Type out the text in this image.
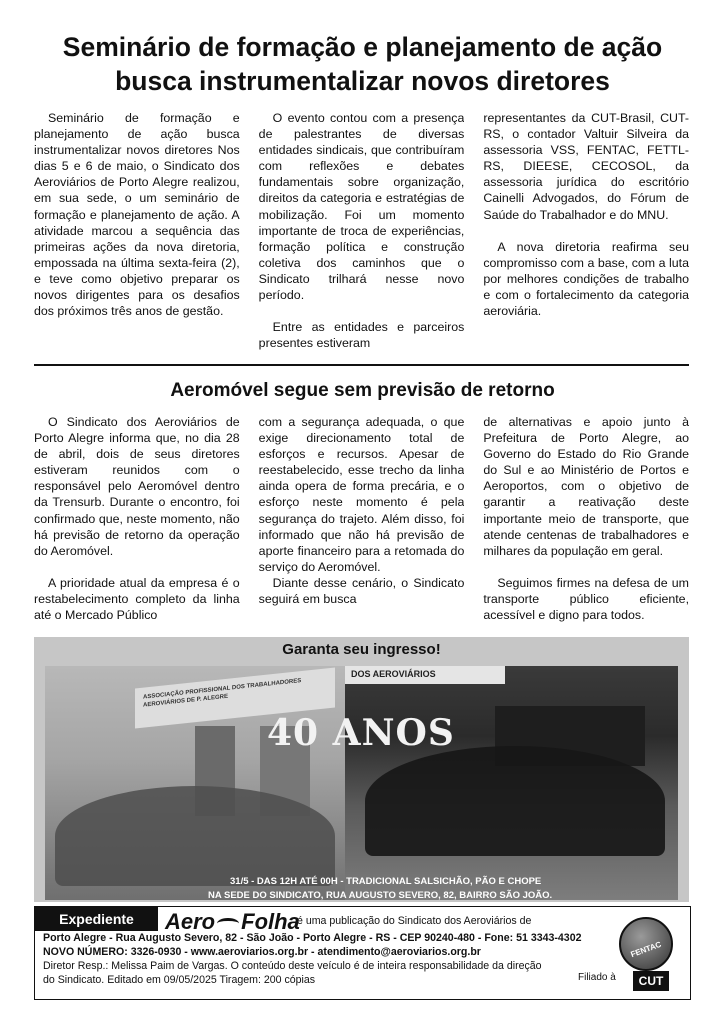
Seminário de formação e planejamento de ação
busca instrumentalizar novos diretores

Seminário de formação e planejamento de ação busca instrumentalizar novos diretores Nos dias 5 e 6 de maio, o Sindicato dos Aeroviários de Porto Alegre realizou, em sua sede, o um seminário de formação e planejamento de ação. A atividade marcou a sequência das primeiras ações da nova diretoria, empossada na última sexta-feira (2), e teve como objetivo preparar os novos dirigentes para os desafios dos próximos três anos de gestão.

O evento contou com a presença de palestrantes de diversas entidades sindicais, que contribuíram com reflexões e debates fundamentais sobre organização, direitos da categoria e estratégias de mobilização. Foi um momento importante de troca de experiências, formação política e construção coletiva dos caminhos que o Sindicato trilhará nesse novo período.

Entre as entidades e parceiros presentes estiveram

representantes da CUT-Brasil, CUT-RS, o contador Valtuir Silveira da assessoria VSS, FENTAC, FETTL-RS, DIEESE, CECOSOL, da assessoria jurídica do escritório Cainelli Advogados, do Fórum de Saúde do Trabalhador e do MNU.

A nova diretoria reafirma seu compromisso com a base, com a luta por melhores condições de trabalho e com o fortalecimento da categoria aeroviária.

Aeromóvel segue sem previsão de retorno

O Sindicato dos Aeroviários de Porto Alegre informa que, no dia 28 de abril, dois de seus diretores estiveram reunidos com o responsável pelo Aeromóvel dentro da Trensurb. Durante o encontro, foi confirmado que, neste momento, não há previsão de retorno da operação do Aeromóvel.

A prioridade atual da empresa é o restabelecimento completo da linha até o Mercado Público

com a segurança adequada, o que exige direcionamento total de esforços e recursos. Apesar de reestabelecido, esse trecho da linha ainda opera de forma precária, e o esforço neste momento é pela segurança do trajeto. Além disso, foi informado que não há previsão de aporte financeiro para a retomada do serviço do Aeromóvel.

Diante desse cenário, o Sindicato seguirá em busca

de alternativas e apoio junto à Prefeitura de Porto Alegre, ao Governo do Estado do Rio Grande do Sul e ao Ministério de Portos e Aeroportos, com o objetivo de garantir a reativação deste importante meio de transporte, que atende centenas de trabalhadores e milhares da população em geral.

Seguimos firmes na defesa de um transporte público eficiente, acessível e digno para todos.

Garanta seu ingresso!
ASSOCIAÇÃO PROFISSIONAL DOS TRABALHADORES AEROVIÁRIOS DE P. ALEGRE
DOS AEROVIÁRIOS
40 ANOS
31/5 - DAS 12H ATÉ 00H - TRADICIONAL SALSICHÃO, PÃO E CHOPE
NA SEDE DO SINDICATO, RUA AUGUSTO SEVERO, 82, BAIRRO SÃO JOÃO.
Expediente	Aero Folha
é uma publicação do Sindicato dos Aeroviários de
Porto Alegre - Rua Augusto Severo, 82 - São João - Porto Alegre - RS - CEP 90240-480 - Fone: 51 3343-4302
NOVO NÚMERO: 3326-0930 - www.aeroviarios.org.br - atendimento@aeroviarios.org.br
Diretor Resp.: Melissa Paim de Vargas. O conteúdo deste veículo é de inteira responsabilidade da direção
do Sindicato. Editado em 09/05/2025 Tiragem: 200 cópias	Filiado à
FENTAC
CUT
